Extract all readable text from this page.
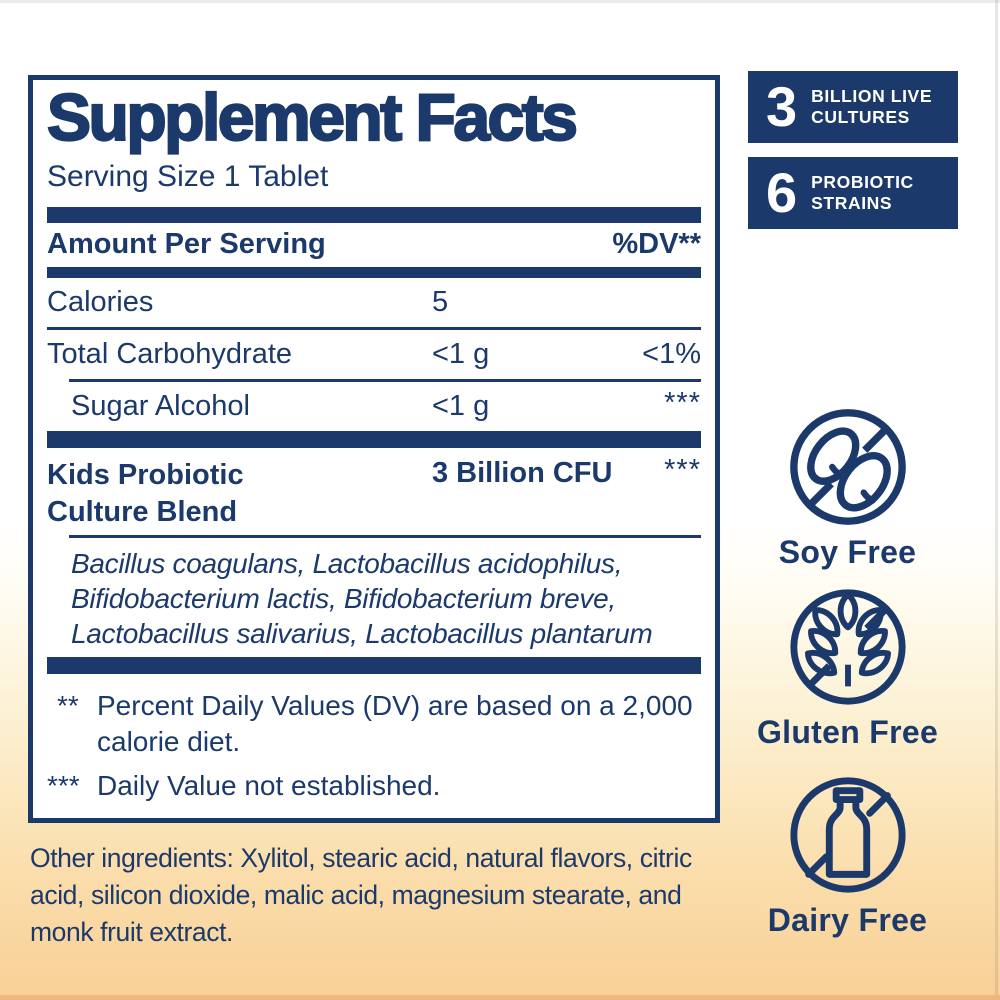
Supplement Facts
Serving Size 1 Tablet
Amount Per Serving	%DV**
Calories	5
Total Carbohydrate	<1 g	<1%
Sugar Alcohol	<1 g	***
Kids Probiotic
Culture Blend
3 Billion CFU	***
Bacillus coagulans, Lactobacillus acidophilus,
Bifidobacterium lactis, Bifidobacterium breve,
Lactobacillus salivarius, Lactobacillus plantarum
** Percent Daily Values (DV) are based on a 2,000 calorie diet.
*** Daily Value not established.
Other ingredients: Xylitol, stearic acid, natural flavors, citric acid, silicon dioxide, malic acid, magnesium stearate, and monk fruit extract.
3 BILLION LIVE
CULTURES
6 PROBIOTIC
STRAINS
Soy Free
Gluten Free
Dairy Free
